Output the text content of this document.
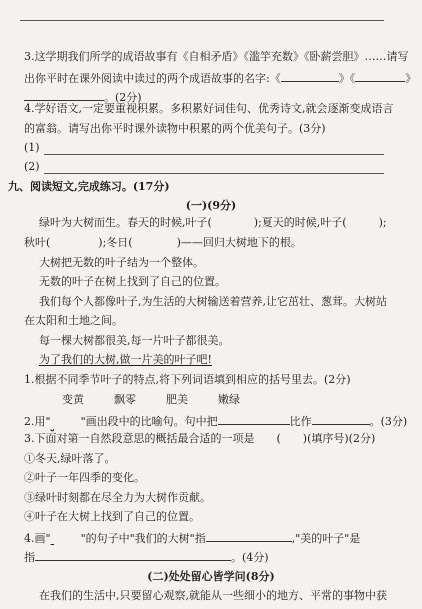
3.这学期我们所学的成语故事有《自相矛盾》《滥竽充数》《卧薪尝胆》……请写
出你平时在课外阅读中读过的两个成语故事的名字:《	》《	》
。(2分)
4.学好语文,一定要重视积累。多积累好词佳句、优秀诗文,就会逐渐变成语言
的富翁。请写出你平时课外读物中积累的两个优美句子。(3分)
(1)
(2)
九、阅读短文,完成练习。(17分)
(一)(9分)
绿叶为大树而生。春天的时候,叶子(	);夏天的时候,叶子(	);
秋叶(	);冬日(	)——回归大树地下的根。
大树把无数的叶子结为一个整体。
无数的叶子在树上找到了自己的位置。
我们每个人都像叶子,为生活的大树输送着营养,让它茁壮、葱茸。大树站
在太阳和土地之间。
每一棵大树都很美,每一片叶子都很美。
为了我们的大树,做一片美的叶子吧!
1.根据不同季节叶子的特点,将下列词语填到相应的括号里去。(2分)
变黄	飘零	肥美	嫩绿
2.用"	"画出段中的比喻句。句中把	比作	。(3分)
3.下面对第一自然段意思的概括最合适的一项是 ( )(填序号)(2分)
①冬天,绿叶落了。
②叶子一年四季的变化。
③绿叶时刻都在尽全力为大树作贡献。
④叶子在大树上找到了自己的位置。
4.画"	"的句子中"我们的大树"指	,"美的叶子"是
指	。(4分)
(二)处处留心皆学问(8分)
在我们的生活中,只要留心观察,就能从一些细小的地方、平常的事物中获
